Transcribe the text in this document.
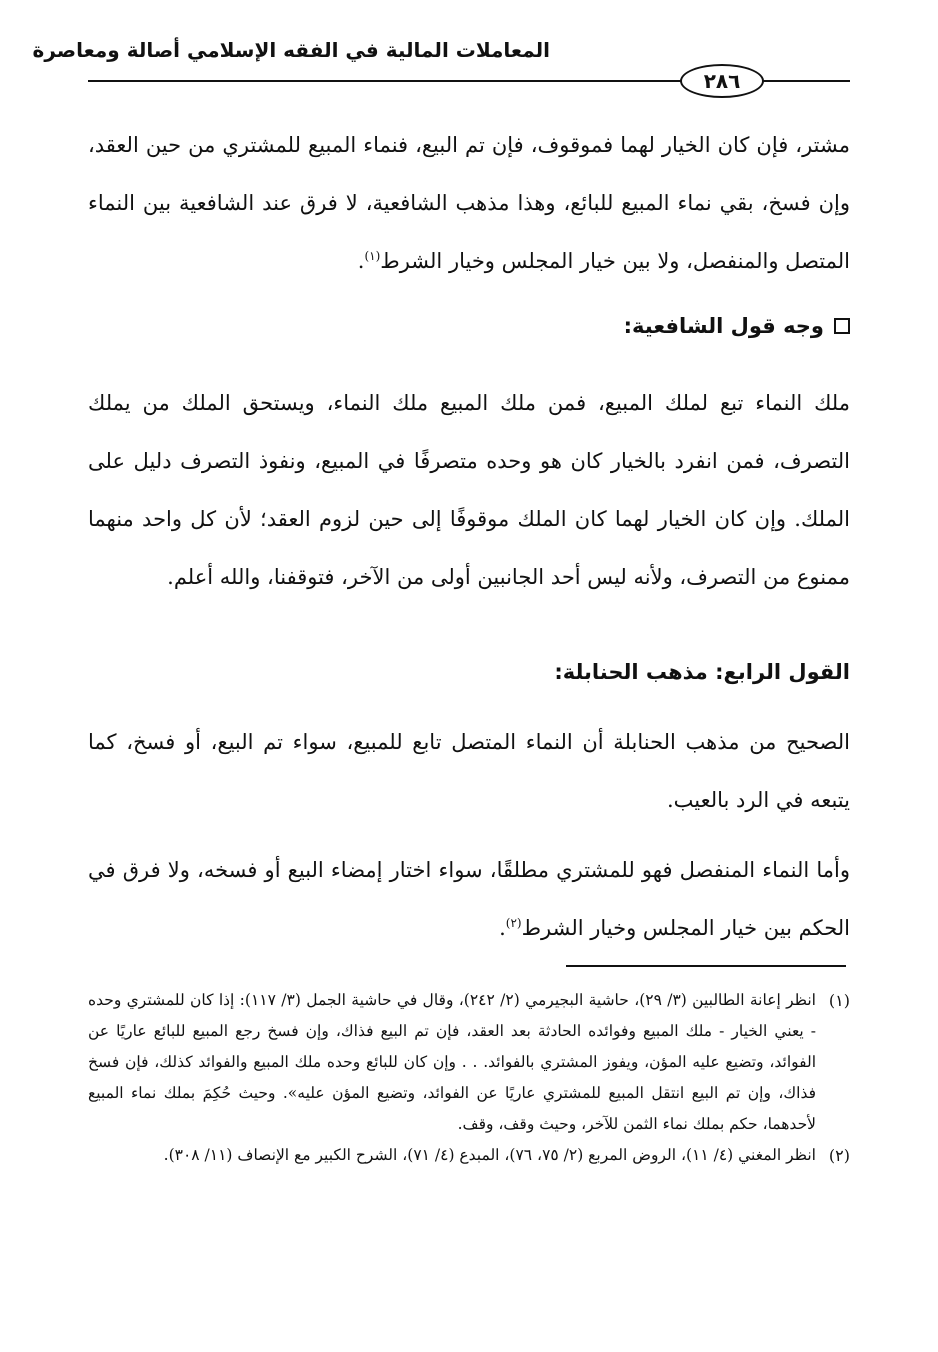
المعاملات المالية في الفقه الإسلامي أصالة ومعاصرة
٢٨٦

مشتر، فإن كان الخيار لهما فموقوف، فإن تم البيع، فنماء المبيع للمشتري من حين العقد، وإن فسخ، بقي نماء المبيع للبائع، وهذا مذهب الشافعية، لا فرق عند الشافعية بين النماء المتصل والمنفصل، ولا بين خيار المجلس وخيار الشرط$^{(١)}$.

وجه قول الشافعية:

ملك النماء تبع لملك المبيع، فمن ملك المبيع ملك النماء، ويستحق الملك من يملك التصرف، فمن انفرد بالخيار كان هو وحده متصرفًا في المبيع، ونفوذ التصرف دليل على الملك. وإن كان الخيار لهما كان الملك موقوفًا إلى حين لزوم العقد؛ لأن كل واحد منهما ممنوع من التصرف، ولأنه ليس أحد الجانبين أولى من الآخر، فتوقفنا، والله أعلم.

القول الرابع: مذهب الحنابلة:

الصحيح من مذهب الحنابلة أن النماء المتصل تابع للمبيع، سواء تم البيع، أو فسخ، كما يتبعه في الرد بالعيب.

وأما النماء المنفصل فهو للمشتري مطلقًا، سواء اختار إمضاء البيع أو فسخه، ولا فرق في الحكم بين خيار المجلس وخيار الشرط$^{(٢)}$.

(١)
انظر إعانة الطالبين (٣/ ٢٩)، حاشية البجيرمي (٢/ ٢٤٢)، وقال في حاشية الجمل (٣/ ١١٧): إذا كان للمشتري وحده - يعني الخيار - ملك المبيع وفوائده الحادثة بعد العقد، فإن تم البيع فذاك، وإن فسخ رجع المبيع للبائع عاريًا عن الفوائد، وتضيع عليه المؤن، ويفوز المشتري بالفوائد. . . وإن كان للبائع وحده ملك المبيع والفوائد كذلك، فإن فسخ فذاك، وإن تم البيع انتقل المبيع للمشتري عاريًا عن الفوائد، وتضيع المؤن عليه». وحيث حُكِمَ بملك نماء المبيع لأحدهما، حكم بملك نماء الثمن للآخر، وحيث وقف، وقف.
(٢)
انظر المغني (٤/ ١١)، الروض المربع (٢/ ٧٥، ٧٦)، المبدع (٤/ ٧١)، الشرح الكبير مع الإنصاف (١١/ ٣٠٨).
